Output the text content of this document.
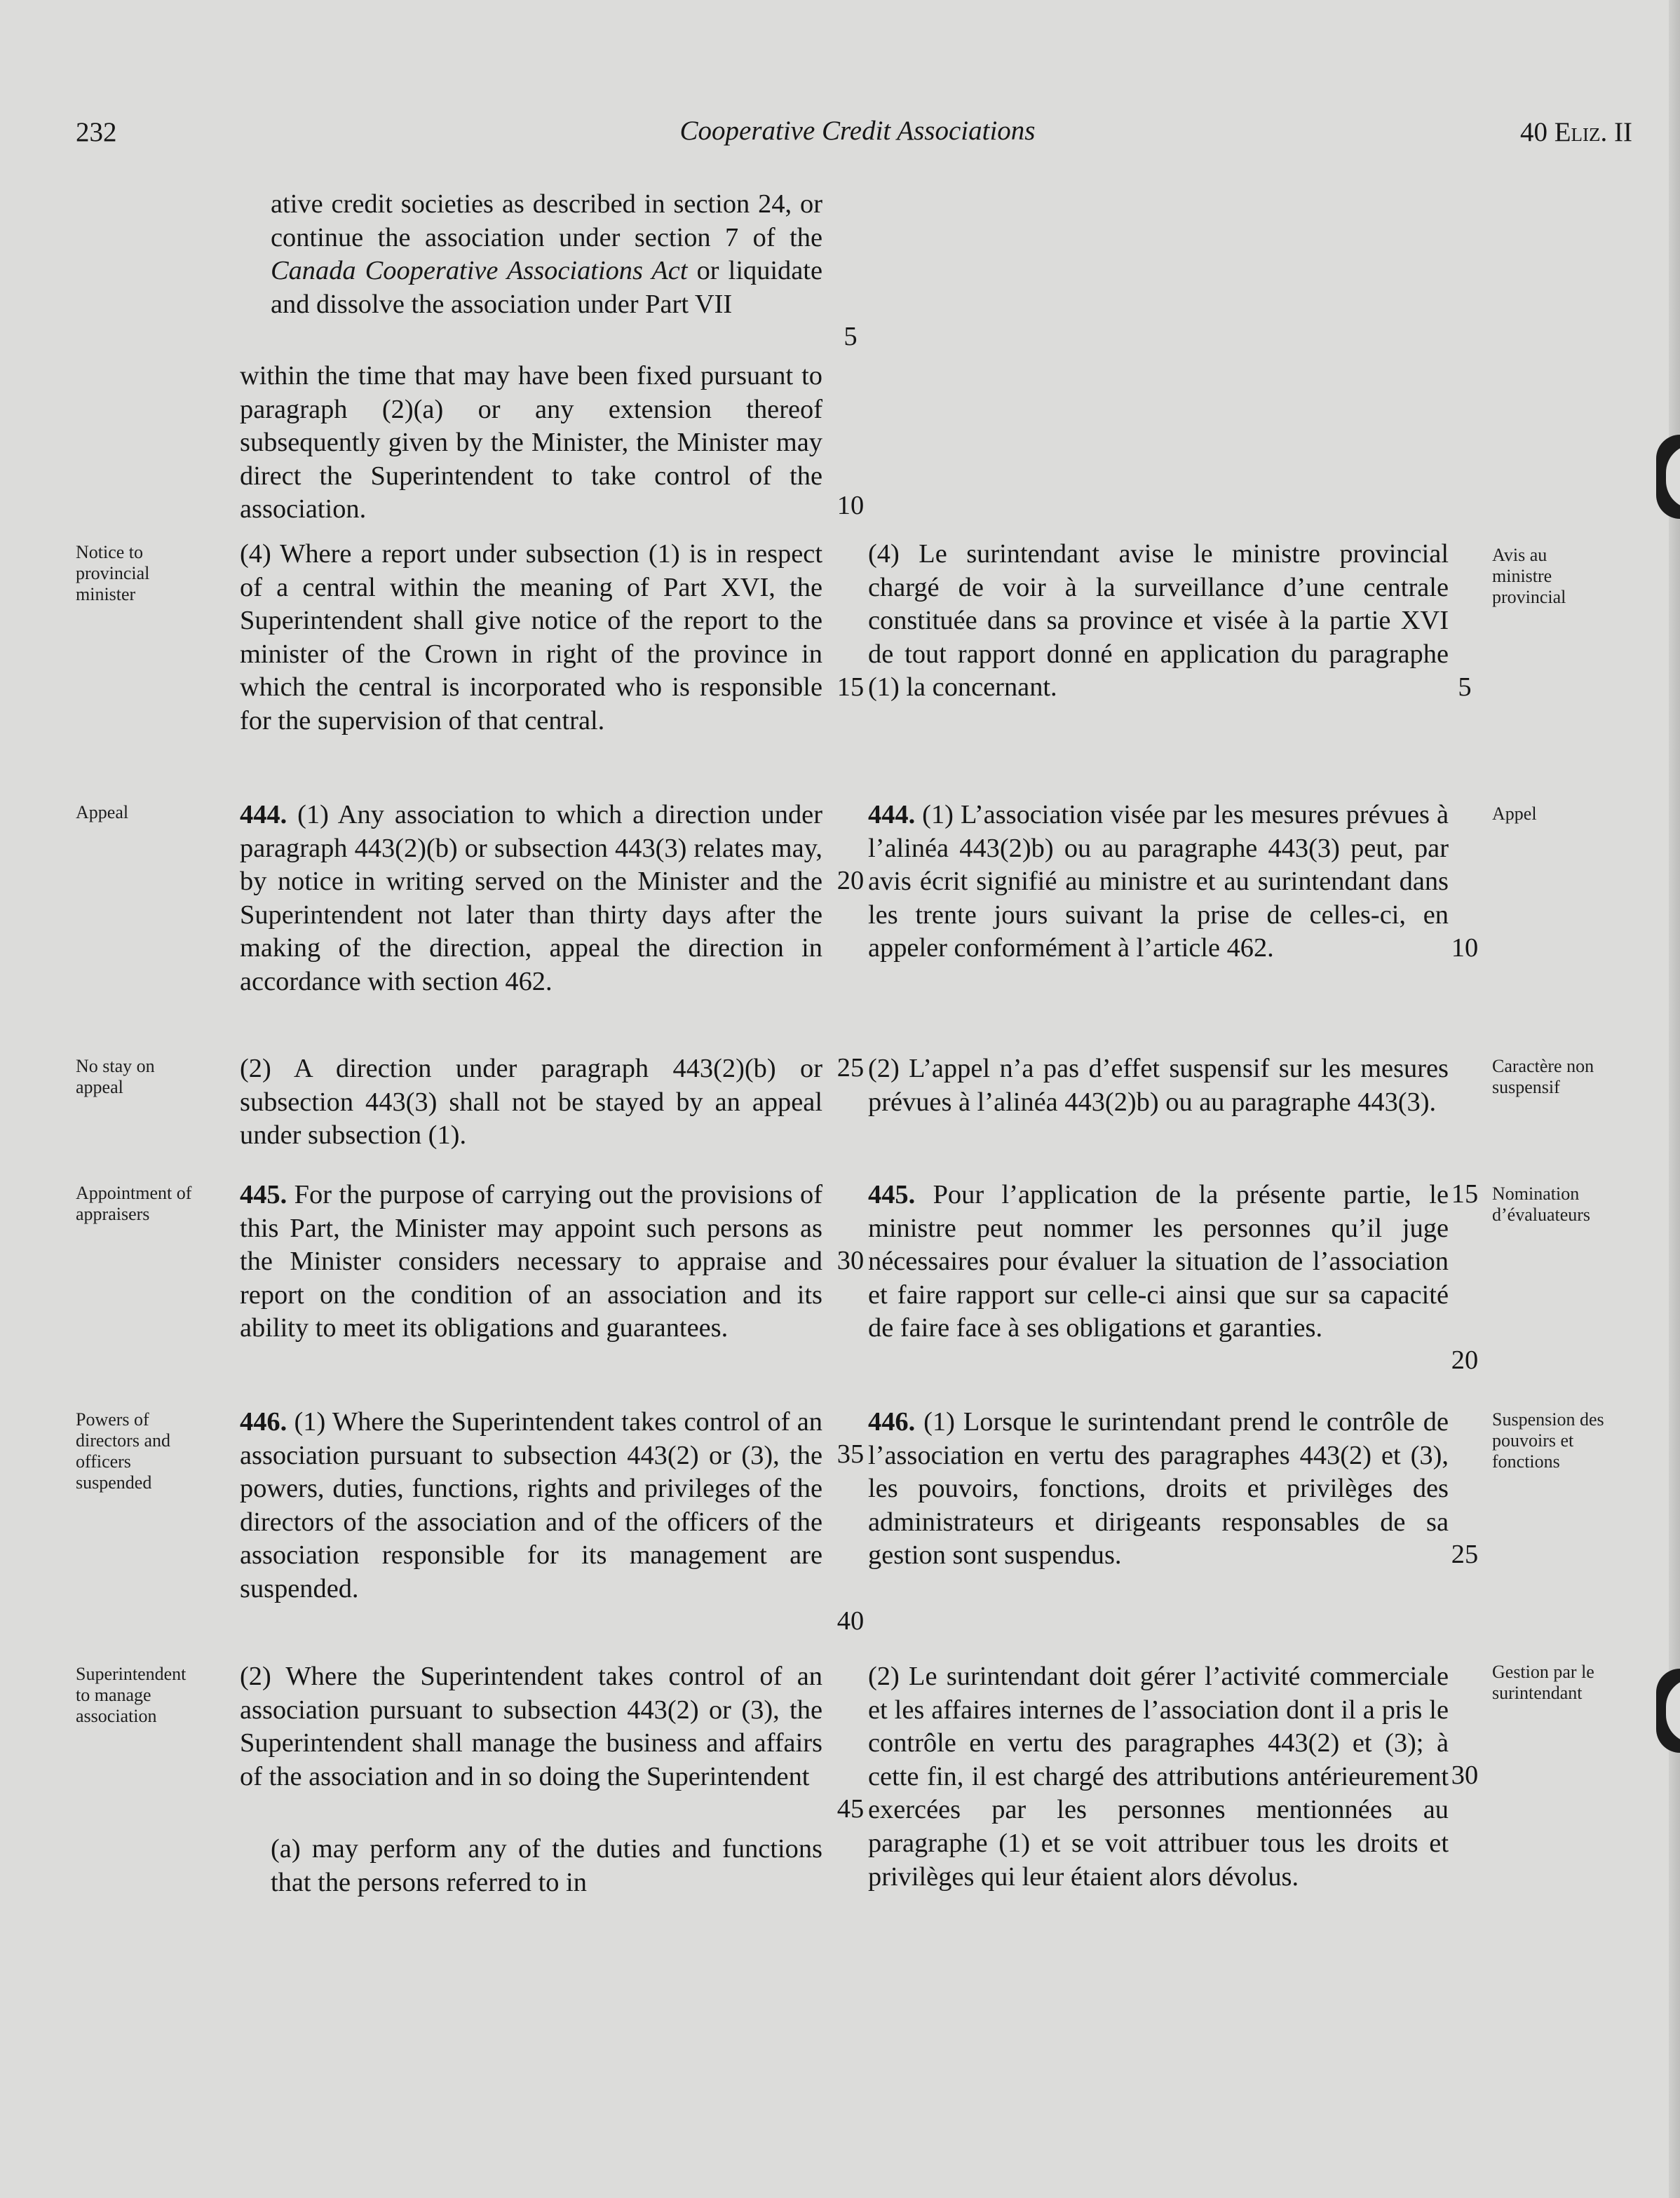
232	Cooperative Credit Associations	40 Eliz. II

ative credit societies as described in section 24, or continue the association under section 7 of the Canada Cooperative Associations Act or liquidate and dissolve the association under Part VII

within the time that may have been fixed pursuant to paragraph (2)(a) or any extension thereof subsequently given by the Minister, the Minister may direct the Superintendent to take control of the association.

(4) Where a report under subsection (1) is in respect of a central within the meaning of Part XVI, the Superintendent shall give notice of the report to the minister of the Crown in right of the province in which the central is incorporated who is responsible for the supervision of that central.

444. (1) Any association to which a direction under paragraph 443(2)(b) or subsection 443(3) relates may, by notice in writing served on the Minister and the Superintendent not later than thirty days after the making of the direction, appeal the direction in accordance with section 462.

(2) A direction under paragraph 443(2)(b) or subsection 443(3) shall not be stayed by an appeal under subsection (1).

445. For the purpose of carrying out the provisions of this Part, the Minister may appoint such persons as the Minister considers necessary to appraise and report on the condition of an association and its ability to meet its obligations and guarantees.

446. (1) Where the Superintendent takes control of an association pursuant to subsection 443(2) or (3), the powers, duties, functions, rights and privileges of the directors of the association and of the officers of the association responsible for its management are suspended.

(2) Where the Superintendent takes control of an association pursuant to subsection 443(2) or (3), the Superintendent shall manage the business and affairs of the association and in so doing the Superintendent
(a) may perform any of the duties and functions that the persons referred to in
5
10
15
20
25
30
35
40
45
(4) Le surintendant avise le ministre provincial chargé de voir à la surveillance d’une centrale constituée dans sa province et visée à la partie XVI de tout rapport donné en application du paragraphe (1) la concernant.

444. (1) L’association visée par les mesures prévues à l’alinéa 443(2)b) ou au paragraphe 443(3) peut, par avis écrit signifié au ministre et au surintendant dans les trente jours suivant la prise de celles-ci, en appeler conformément à l’article 462.

(2) L’appel n’a pas d’effet suspensif sur les mesures prévues à l’alinéa 443(2)b) ou au paragraphe 443(3).

445. Pour l’application de la présente partie, le ministre peut nommer les personnes qu’il juge nécessaires pour évaluer la situation de l’association et faire rapport sur celle-ci ainsi que sur sa capacité de faire face à ses obligations et garanties.

446. (1) Lorsque le surintendant prend le contrôle de l’association en vertu des paragraphes 443(2) et (3), les pouvoirs, fonctions, droits et privilèges des administrateurs et dirigeants responsables de sa gestion sont suspendus.

(2) Le surintendant doit gérer l’activité commerciale et les affaires internes de l’association dont il a pris le contrôle en vertu des paragraphes 443(2) et (3); à cette fin, il est chargé des attributions antérieurement exercées par les personnes mentionnées au paragraphe (1) et se voit attribuer tous les droits et privilèges qui leur étaient alors dévolus.
5
10
15
20
25
30
Notice to
provincial
minister
Appeal
No stay on
appeal
Appointment of
appraisers
Powers of
directors and
officers
suspended
Superintendent
to manage
association
Avis au
ministre
provincial
Appel
Caractère non
suspensif
Nomination
d’évaluateurs
Suspension des
pouvoirs et
fonctions
Gestion par le
surintendant
